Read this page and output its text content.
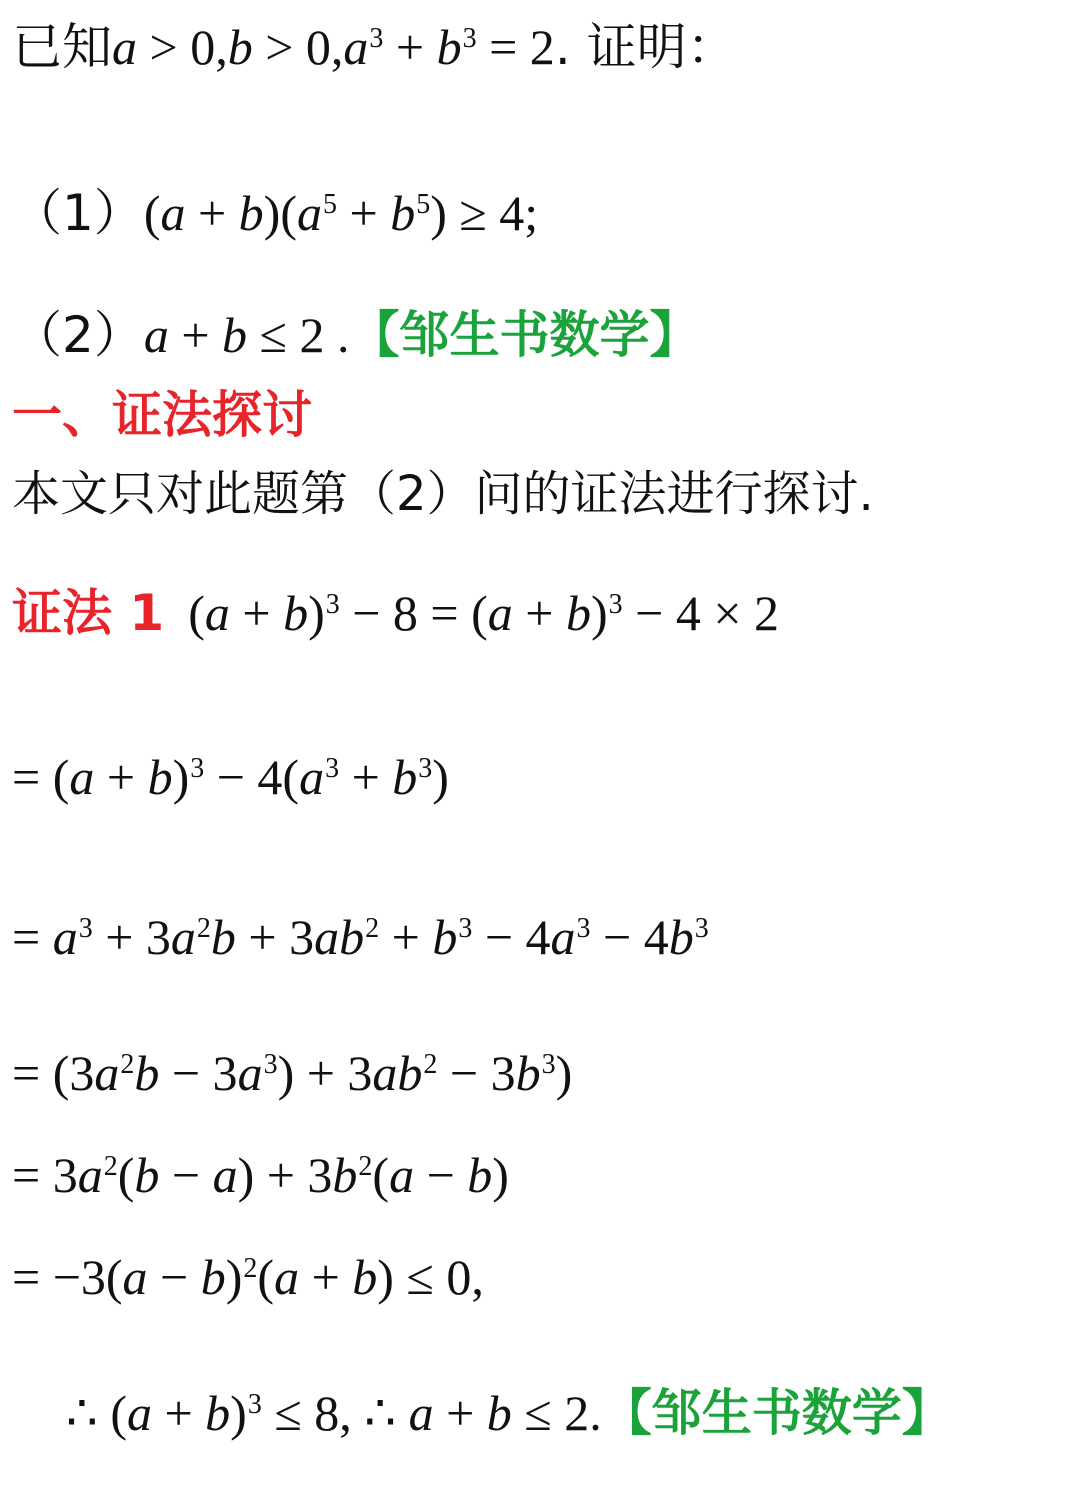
已知$a > 0,b > 0,a^3 + b^3 = 2$. 证明：
$(1)(a + b)(a^5 + b^5) \ge 4$;
（2）a + b ≤ 2 .【邹生书数学】
一、证法探讨
本文只对此题第（2）问的证法进行探讨.
证法 1 $(a + b)^3 - 8 = (a + b)^3 - 4 \times 2$
= $(a + b)^3 - 4(a^3 + b^3)$
= $a^3 + 3a^2b + 3ab^2 + b^3 - 4a^3 - 4b^3$
= $(3a^2b - 3a^3) + 3ab^2 - 3b^3$)
= $3a^2(b - a) + 3b^2(a - b)$
= $-3(a - b)^2(a + b) \le 0$,
∴ $(a + b)^3 \le 8$, ∴ a + b ≤ 2.【邹生书数学】
